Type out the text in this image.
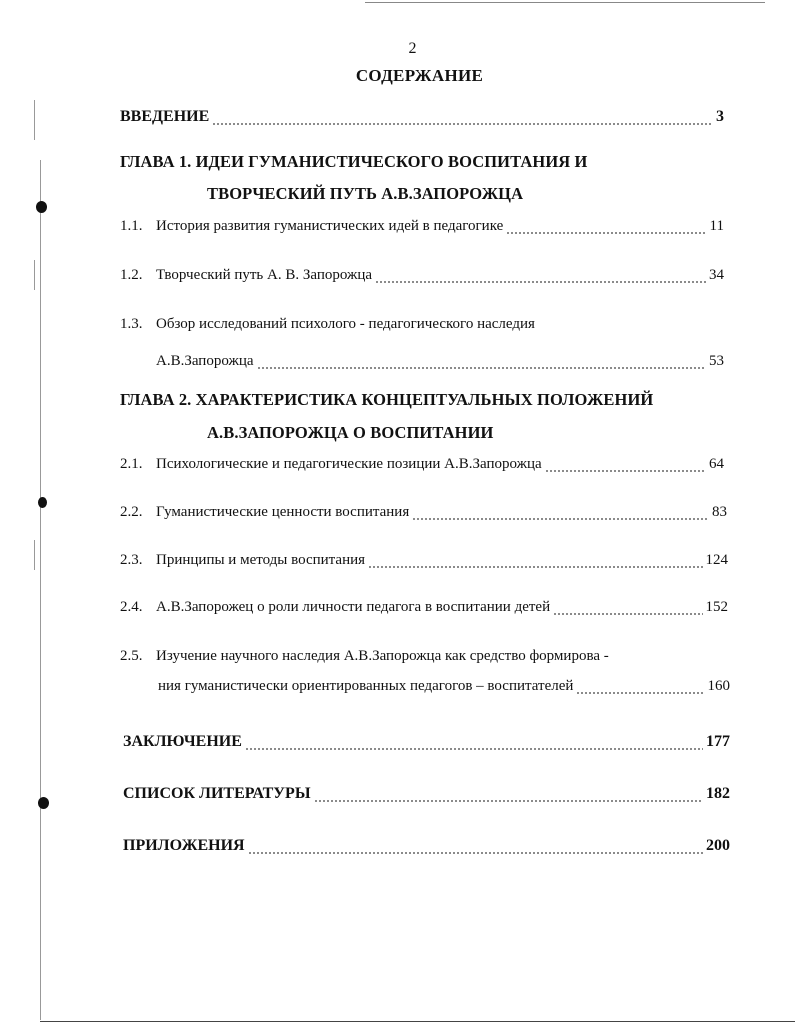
2
СОДЕРЖАНИЕ
ВВЕДЕНИЕ	3
ГЛАВА 1. ИДЕИ ГУМАНИСТИЧЕСКОГО ВОСПИТАНИЯ И
ТВОРЧЕСКИЙ ПУТЬ А.В.ЗАПОРОЖЦА
1.1. История развития гуманистических идей в педагогике	11
1.2. Творческий путь А. В. Запорожца	34
1.3. Обзор исследований психолого - педагогического наследия
А.В.Запорожца	53
ГЛАВА 2. ХАРАКТЕРИСТИКА КОНЦЕПТУАЛЬНЫХ ПОЛОЖЕНИЙ
А.В.ЗАПОРОЖЦА О ВОСПИТАНИИ
2.1. Психологические и педагогические позиции А.В.Запорожца	64
2.2. Гуманистические ценности воспитания	83
2.3. Принципы и методы воспитания	124
2.4. А.В.Запорожец о роли личности педагога в воспитании детей	152
2.5. Изучение научного наследия А.В.Запорожца как средство формирова -
ния гуманистически ориентированных педагогов – воспитателей	160
ЗАКЛЮЧЕНИЕ	177
СПИСОК ЛИТЕРАТУРЫ	182
ПРИЛОЖЕНИЯ	200
